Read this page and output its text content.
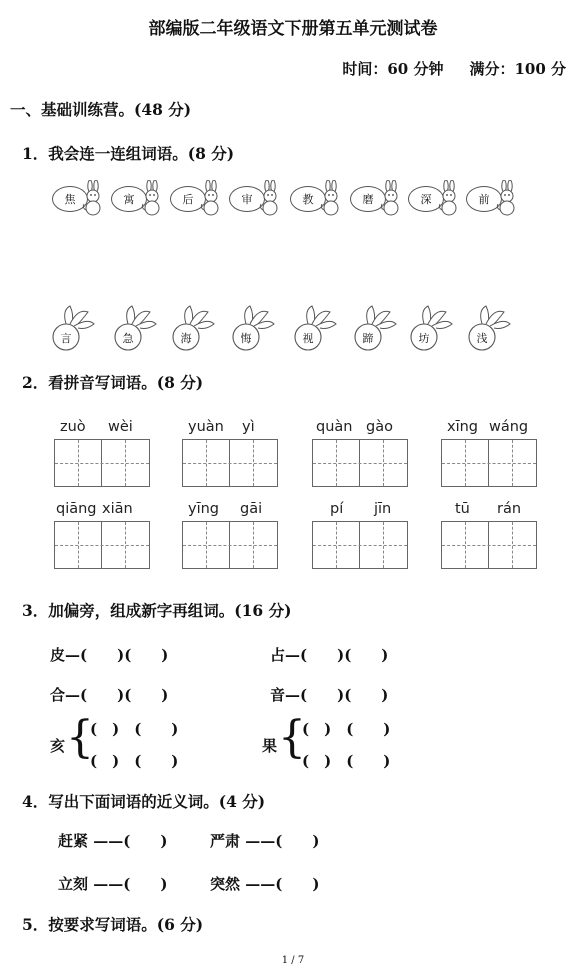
部编版二年级语文下册第五单元测试卷
时间：60 分钟 满分：100 分
一、基础训练营。(48 分)
1．我会连一连组词语。(8 分)
焦	寓	后	审	教	磨	深	前
言	急	海	悔	视	蹄	坊	浅
2．看拼音写词语。(8 分)
zuò wèi	yuàn yì	quàn gào	xīng wáng
qiāng xiān	yīng gāi	pí jīn	tū rán
3．加偏旁，组成新字再组词。(16 分)
皮—(　　)(　　)	占—(　　)(　　)
合—(　　)(　　)	音—(　　)(　　)
亥 {
(　)　(　　)
(　)　(　　)
果 {
(　)　(　　)
(　)　(　　)
4．写出下面词语的近义词。(4 分)
赶紧 ——(　　)	严肃 ——(　　)
立刻 ——(　　)	突然 ——(　　)
5．按要求写词语。(6 分)
1 / 7
